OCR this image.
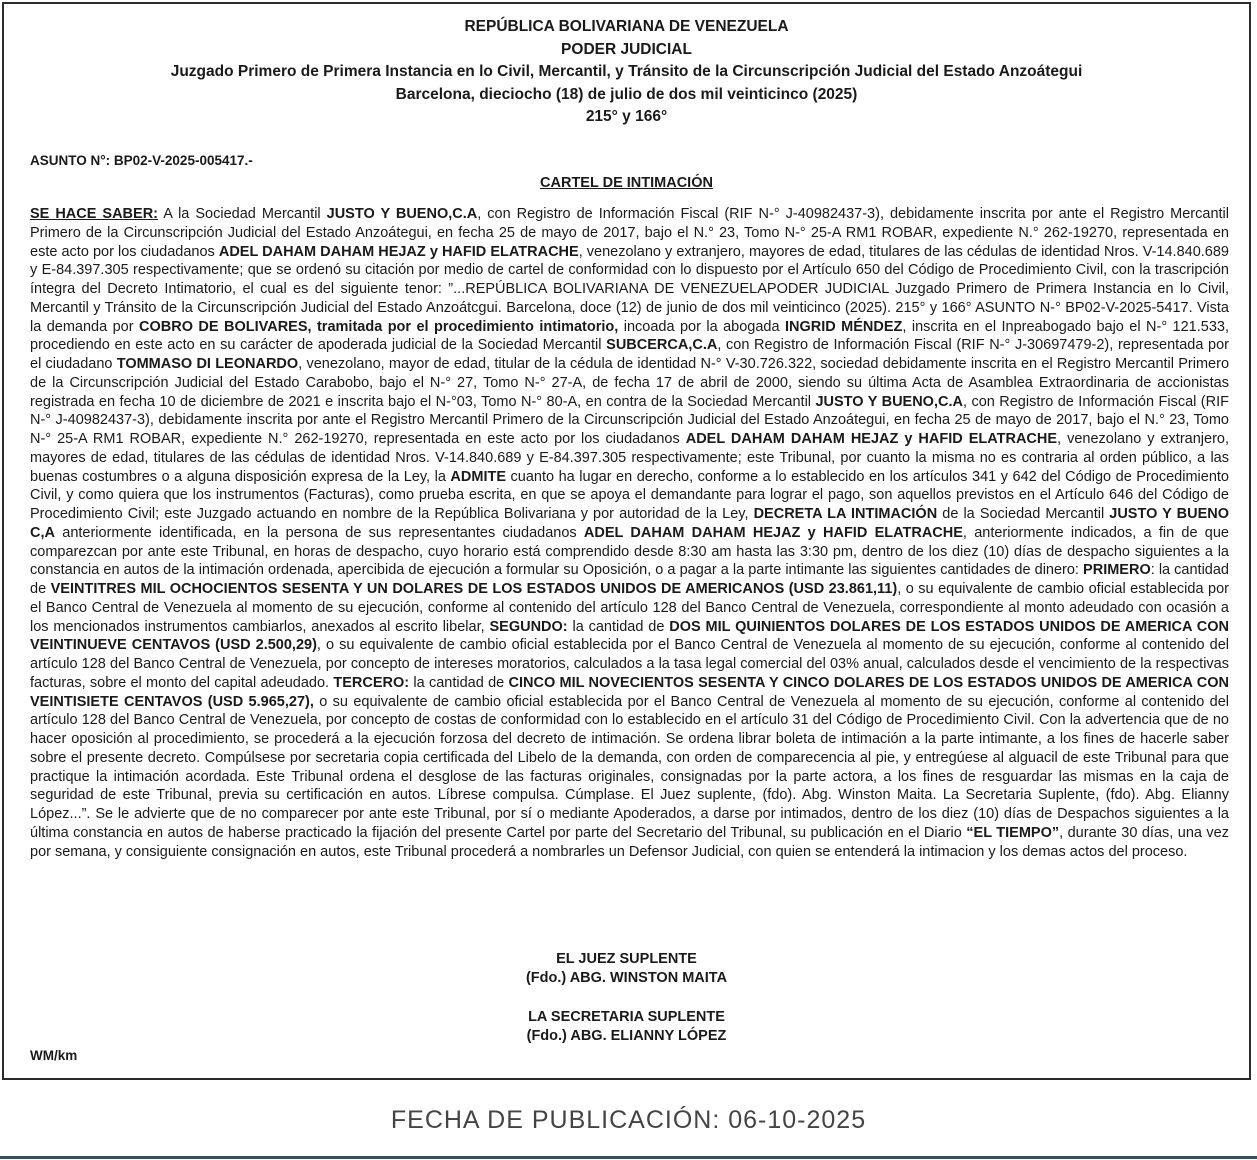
REPÚBLICA BOLIVARIANA DE VENEZUELA
PODER JUDICIAL
Juzgado Primero de Primera Instancia en lo Civil, Mercantil, y Tránsito de la Circunscripción Judicial del Estado Anzoátegui
Barcelona, dieciocho (18) de julio de dos mil veinticinco (2025)
215° y 166°
ASUNTO N°: BP02-V-2025-005417.-
CARTEL DE INTIMACIÓN
SE HACE SABER: A la Sociedad Mercantil JUSTO Y BUENO,C.A, con Registro de Información Fiscal (RIF N-° J-40982437-3), debidamente inscrita por ante el Registro Mercantil Primero de la Circunscripción Judicial del Estado Anzoátegui, en fecha 25 de mayo de 2017, bajo el N.° 23, Tomo N-° 25-A RM1 ROBAR, expediente N.° 262-19270, representada en este acto por los ciudadanos ADEL DAHAM DAHAM HEJAZ y HAFID ELATRACHE, venezolano y extranjero, mayores de edad, titulares de las cédulas de identidad Nros. V-14.840.689 y E-84.397.305 respectivamente; que se ordenó su citación por medio de cartel de conformidad con lo dispuesto por el Artículo 650 del Código de Procedimiento Civil, con la trascripción íntegra del Decreto Intimatorio, el cual es del siguiente tenor: ”...REPÚBLICA BOLIVARIANA DE VENEZUELAPODER JUDICIAL Juzgado Primero de Primera Instancia en lo Civil, Mercantil y Tránsito de la Circunscripción Judicial del Estado Anzoátcgui. Barcelona, doce (12) de junio de dos mil veinticinco (2025). 215° y 166° ASUNTO N-° BP02-V-2025-5417. Vista la demanda por COBRO DE BOLIVARES, tramitada por el procedimiento intimatorio, incoada por la abogada INGRID MÉNDEZ, inscrita en el Inpreabogado bajo el N-° 121.533, procediendo en este acto en su carácter de apoderada judicial de la Sociedad Mercantil SUBCERCA,C.A, con Registro de Información Fiscal (RIF N-° J-30697479-2), representada por el ciudadano TOMMASO DI LEONARDO, venezolano, mayor de edad, titular de la cédula de identidad N-° V-30.726.322, sociedad debidamente inscrita en el Registro Mercantil Primero de la Circunscripción Judicial del Estado Carabobo, bajo el N-° 27, Tomo N-° 27-A, de fecha 17 de abril de 2000, siendo su última Acta de Asamblea Extraordinaria de accionistas registrada en fecha 10 de diciembre de 2021 e inscrita bajo el N-°03, Tomo N-° 80-A, en contra de la Sociedad Mercantil JUSTO Y BUENO,C.A, con Registro de Información Fiscal (RIF N-° J-40982437-3), debidamente inscrita por ante el Registro Mercantil Primero de la Circunscripción Judicial del Estado Anzoátegui, en fecha 25 de mayo de 2017, bajo el N.° 23, Tomo N-° 25-A RM1 ROBAR, expediente N.° 262-19270, representada en este acto por los ciudadanos ADEL DAHAM DAHAM HEJAZ y HAFID ELATRACHE, venezolano y extranjero, mayores de edad, titulares de las cédulas de identidad Nros. V-14.840.689 y E-84.397.305 respectivamente; este Tribunal, por cuanto la misma no es contraria al orden público, a las buenas costumbres o a alguna disposición expresa de la Ley, la ADMITE cuanto ha lugar en derecho, conforme a lo establecido en los artículos 341 y 642 del Código de Procedimiento Civil, y como quiera que los instrumentos (Facturas), como prueba escrita, en que se apoya el demandante para lograr el pago, son aquellos previstos en el Artículo 646 del Código de Procedimiento Civil; este Juzgado actuando en nombre de la República Bolivariana y por autoridad de la Ley, DECRETA LA INTIMACIÓN de la Sociedad Mercantil JUSTO Y BUENO C,A anteriormente identificada, en la persona de sus representantes ciudadanos ADEL DAHAM DAHAM HEJAZ y HAFID ELATRACHE, anteriormente indicados, a fin de que comparezcan por ante este Tribunal, en horas de despacho, cuyo horario está comprendido desde 8:30 am hasta las 3:30 pm, dentro de los diez (10) días de despacho siguientes a la constancia en autos de la intimación ordenada, apercibida de ejecución a formular su Oposición, o a pagar a la parte intimante las siguientes cantidades de dinero: PRIMERO: la cantidad de VEINTITRES MIL OCHOCIENTOS SESENTA Y UN DOLARES DE LOS ESTADOS UNIDOS DE AMERICANOS (USD 23.861,11), o su equivalente de cambio oficial establecida por el Banco Central de Venezuela al momento de su ejecución, conforme al contenido del artículo 128 del Banco Central de Venezuela, correspondiente al monto adeudado con ocasión a los mencionados instrumentos cambiarlos, anexados al escrito libelar, SEGUNDO: la cantidad de DOS MIL QUINIENTOS DOLARES DE LOS ESTADOS UNIDOS DE AMERICA CON VEINTINUEVE CENTAVOS (USD 2.500,29), o su equivalente de cambio oficial establecida por el Banco Central de Venezuela al momento de su ejecución, conforme al contenido del artículo 128 del Banco Central de Venezuela, por concepto de intereses moratorios, calculados a la tasa legal comercial del 03% anual, calculados desde el vencimiento de la respectivas facturas, sobre el monto del capital adeudado. TERCERO: la cantidad de CINCO MIL NOVECIENTOS SESENTA Y CINCO DOLARES DE LOS ESTADOS UNIDOS DE AMERICA CON VEINTISIETE CENTAVOS (USD 5.965,27), o su equivalente de cambio oficial establecida por el Banco Central de Venezuela al momento de su ejecución, conforme al contenido del artículo 128 del Banco Central de Venezuela, por concepto de costas de conformidad con lo establecido en el artículo 31 del Código de Procedimiento Civil. Con la advertencia que de no hacer oposición al procedimiento, se procederá a la ejecución forzosa del decreto de intimación. Se ordena librar boleta de intimación a la parte intimante, a los fines de hacerle saber sobre el presente decreto. Compúlsese por secretaria copia certificada del Libelo de la demanda, con orden de comparecencia al pie, y entregúese al alguacil de este Tribunal para que practique la intimación acordada. Este Tribunal ordena el desglose de las facturas originales, consignadas por la parte actora, a los fines de resguardar las mismas en la caja de seguridad de este Tribunal, previa su certificación en autos. Líbrese compulsa. Cúmplase. El Juez suplente, (fdo). Abg. Winston Maita. La Secretaria Suplente, (fdo). Abg. Elianny López...”. Se le advierte que de no comparecer por ante este Tribunal, por sí o mediante Apoderados, a darse por intimados, dentro de los diez (10) días de Despachos siguientes a la última constancia en autos de haberse practicado la fijación del presente Cartel por parte del Secretario del Tribunal, su publicación en el Diario “EL TIEMPO”, durante 30 días, una vez por semana, y consiguiente consignación en autos, este Tribunal procederá a nombrarles un Defensor Judicial, con quien se entenderá la intimacion y los demas actos del proceso.
EL JUEZ SUPLENTE
(Fdo.) ABG. WINSTON MAITA
LA SECRETARIA SUPLENTE
(Fdo.) ABG. ELIANNY LÓPEZ
WM/km
FECHA DE PUBLICACIÓN: 06-10-2025
